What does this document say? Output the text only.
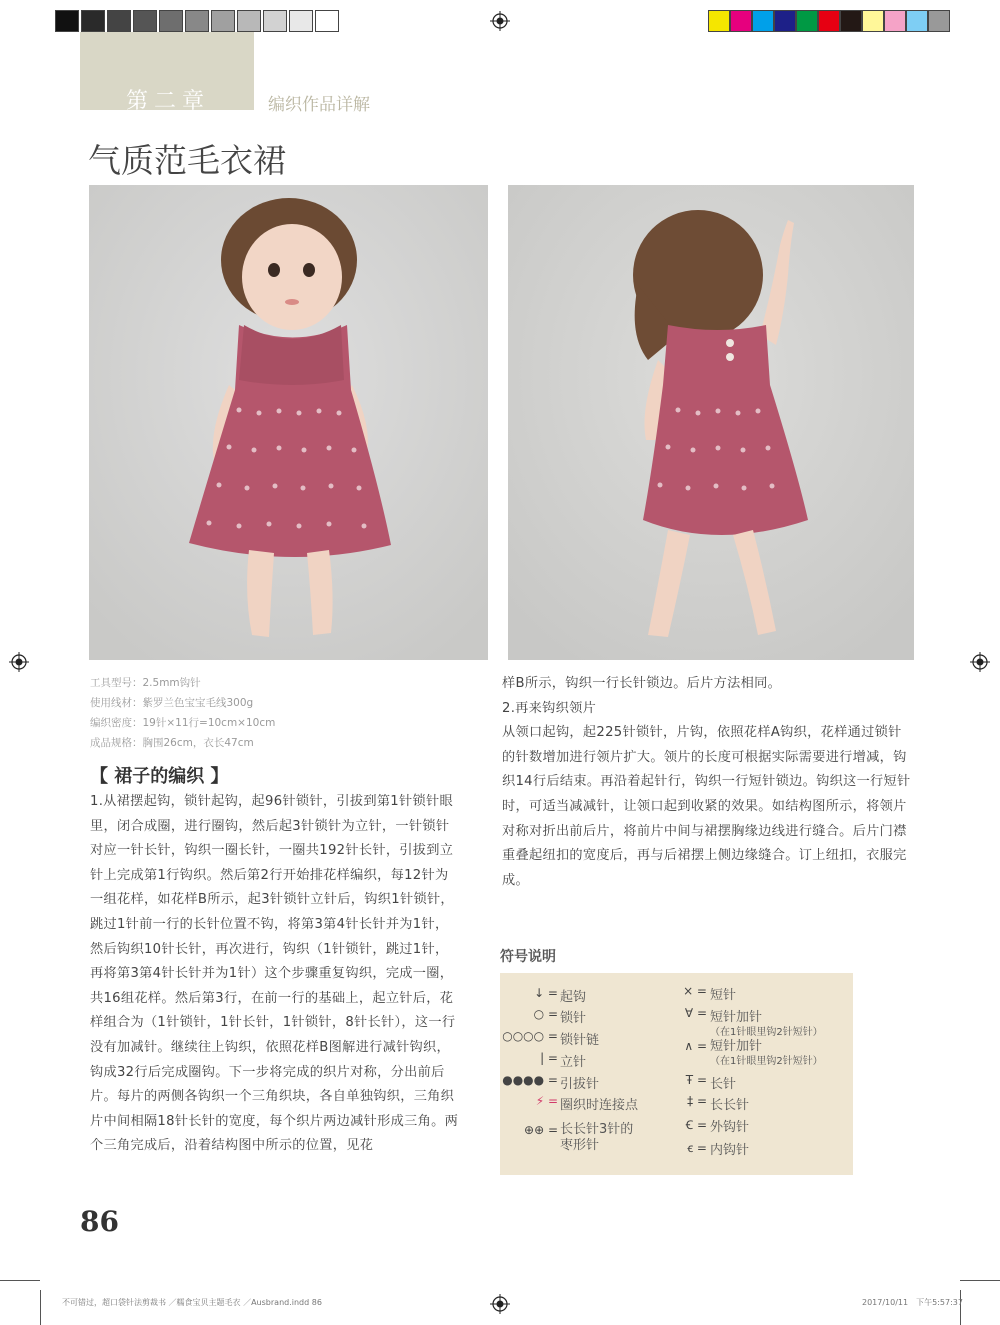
第二章	编织作品详解
气质范毛衣裙
工具型号：2.5mm钩针
使用线材：紫罗兰色宝宝毛线300g
编织密度：19针×11行=10cm×10cm
成品规格：胸围26cm，衣长47cm
【 裙子的编织 】
1.从裙摆起钩，锁针起钩，起96针锁针，引拔到第1针锁针眼里，闭合成圈，进行圈钩，然后起3针锁针为立针，一针锁针对应一针长针，钩织一圈长针，一圈共192针长针，引拔到立针上完成第1行钩织。然后第2行开始排花样编织，每12针为一组花样，如花样B所示，起3针锁针立针后，钩织1针锁针，跳过1针前一行的长针位置不钩，将第3第4针长针并为1针，然后钩织10针长针，再次进行，钩织（1针锁针，跳过1针，再将第3第4针长针并为1针）这个步骤重复钩织，完成一圈，共16组花样。然后第3行，在前一行的基础上，起立针后，花样组合为（1针锁针，1针长针，1针锁针，8针长针），这一行没有加减针。继续往上钩织，依照花样B图解进行减针钩织，钩成32行后完成圈钩。下一步将完成的织片对称，分出前后片。每片的两侧各钩织一个三角织块，各自单独钩织，三角织片中间相隔18针长针的宽度，每个织片两边减针形成三角。两个三角完成后，沿着结构图中所示的位置，见花
样B所示，钩织一行长针锁边。后片方法相同。
2.再来钩织领片
从领口起钩，起225针锁针，片钩，依照花样A钩织，花样通过锁针的针数增加进行领片扩大。领片的长度可根据实际需要进行增减，钩织14行后结束。再沿着起针行，钩织一行短针锁边。钩织这一行短针时，可适当减减针，让领口起到收紧的效果。如结构图所示，将领片对称对折出前后片，将前片中间与裙摆胸缘边线进行缝合。后片门襟重叠起纽扣的宽度后，再与后裙摆上侧边缘缝合。订上纽扣，衣服完成。
符号说明
↓ = 起钩
○ = 锁针
○○○○ = 锁针链
| = 立针
●●●● = 引拔针
⚡ = 圈织时连接点
⊕⊕ = 长长针3针的
枣形针
× = 短针
∀ = 短针加针
（在1针眼里钩2针短针）
∧ = 短针加针
（在1针眼里钩2针短针）
Ŧ = 长针
‡ = 长长针
Ꞓ = 外钩针
ꞓ = 内钩针
86
不可错过，超口袋针法剪裁书 ／糯食宝贝主题毛衣 ／Ausbrand.indd 86	2017/10/11　下午5:57:37
